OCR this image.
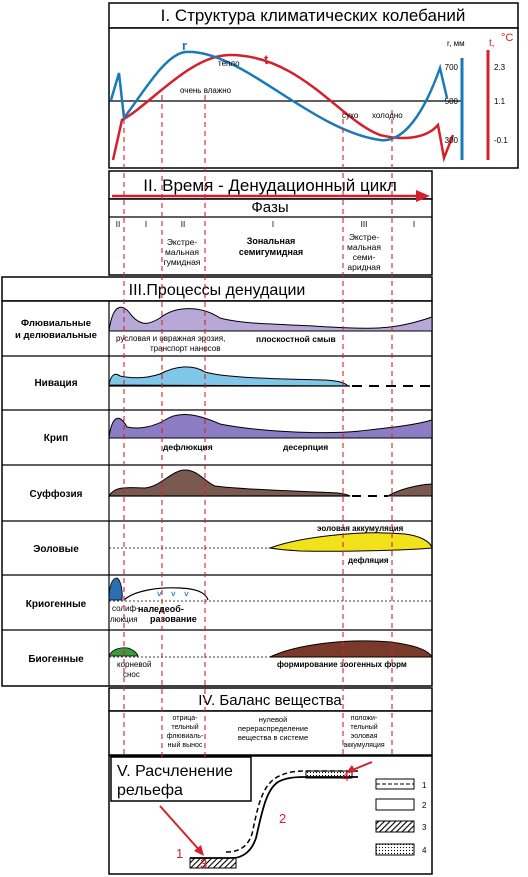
I. Структура климатических колебаний
r
t
тепло
очень влажно
сухо холодно
r, мм
700
500
300
t, °C
2.3
1.1
-0.1
II. Время - Денудационный цикл
Фазы
II	I	II	I	III	I
Экстре-
мальная
гумидная
Зональная
семигумидная
Экстре-
мальная
семи-
аридная
III.Процессы денудации
Флювиальные
и делювиальные
Нивация
Крип
Суффозия
Эоловые
Криогенные
Биогенные
русловая и овражная эрозия,
транспорт наносов
плоскостной смыв
дефлюкция	десерпция
эоловая аккумуляция
дефляция
˅ ˅ ˅
солиф-
люкция
наледеоб-
разование
корневой
снос
формирование зоогенных форм
IV. Баланс вещества
отрица-
тельный
флювиаль-
ный вынос
нулевой
перераспределение
вещества в системе
положи-
тельный
эоловая
аккумуляция
V. Расчленение
рельефа
1
2
3
4
1
2
3
4
